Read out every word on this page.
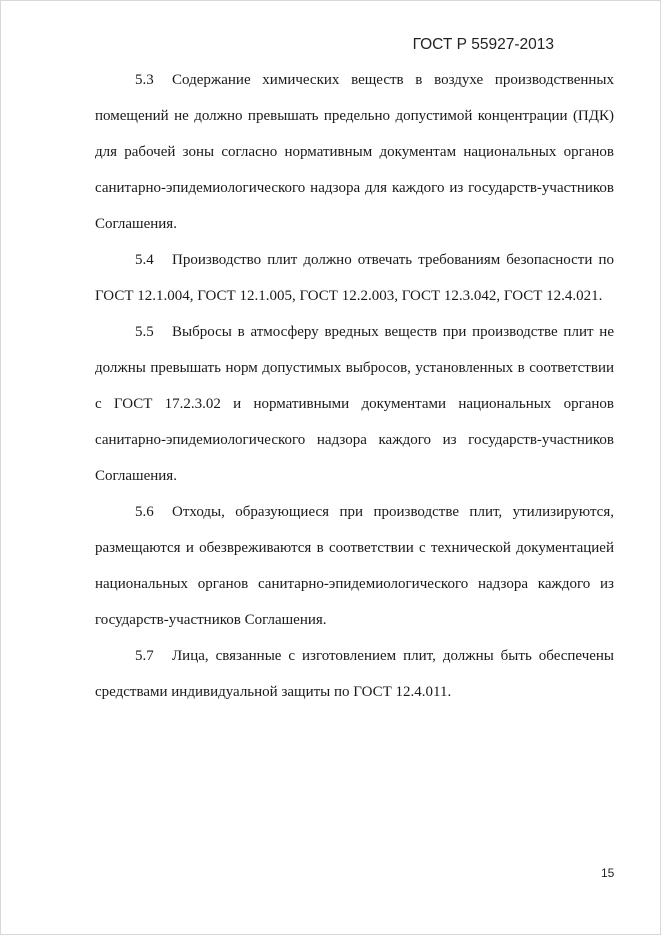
ГОСТ Р 55927-2013

5.3 Содержание химических веществ в воздухе производственных помещений не должно превышать предельно допустимой концентрации (ПДК) для рабочей зоны согласно нормативным документам национальных органов санитарно-эпидемиологического надзора для каждого из государств-участников Соглашения.

5.4 Производство плит должно отвечать требованиям безопасности по ГОСТ 12.1.004, ГОСТ 12.1.005, ГОСТ 12.2.003, ГОСТ 12.3.042, ГОСТ 12.4.021.

5.5 Выбросы в атмосферу вредных веществ при производстве плит не должны превышать норм допустимых выбросов, установленных в соответствии с ГОСТ 17.2.3.02 и нормативными документами национальных органов санитарно-эпидемиологического надзора каждого из государств-участников Соглашения.

5.6 Отходы, образующиеся при производстве плит, утилизируются, размещаются и обезвреживаются в соответствии с технической документацией национальных органов санитарно-эпидемиологического надзора каждого из государств-участников Соглашения.

5.7 Лица, связанные с изготовлением плит, должны быть обеспечены средствами индивидуальной защиты по ГОСТ 12.4.011.

15
